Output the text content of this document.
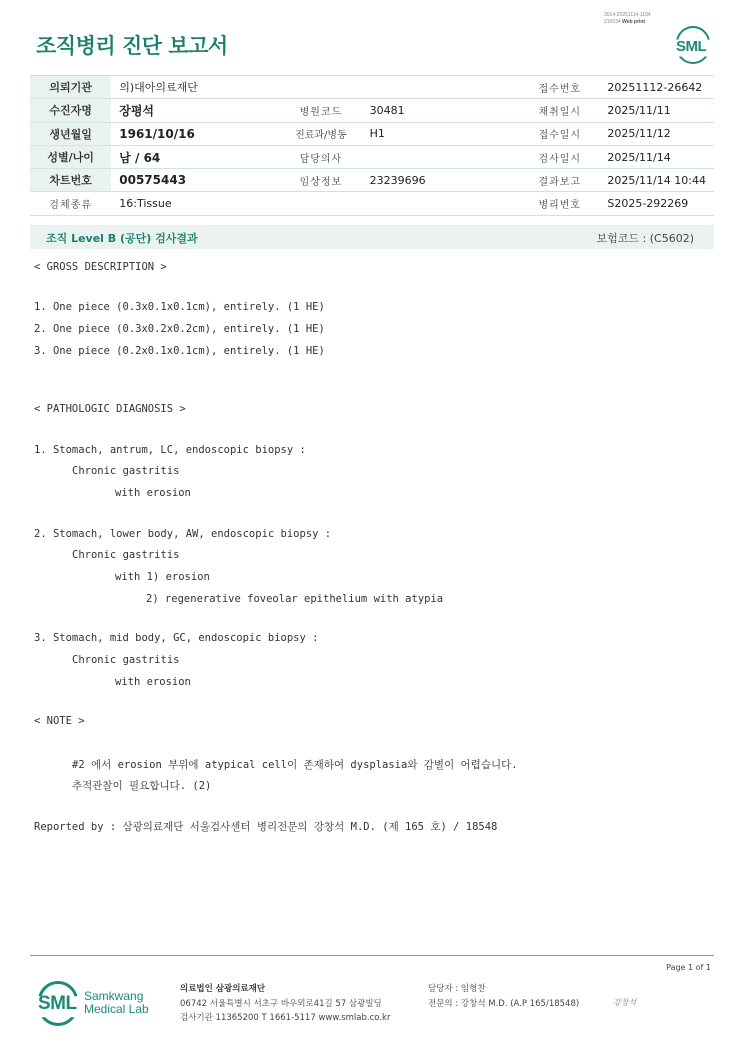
3014-20251114-1104
210034 Web print
SML
조직병리 진단 보고서
의뢰기관	의)대아의료재단			접수번호	20251112-26642
수진자명	장평석	병원코드	30481	채취일시	2025/11/11
생년월일	1961/10/16	진료과/병동	H1	접수일시	2025/11/12
성별/나이	남 / 64	담당의사		검사일시	2025/11/14
차트번호	00575443	임상정보	23239696	결과보고	2025/11/14 10:44
검체종류	16:Tissue			병리번호	S2025-292269
조직 Level B (공단) 검사결과	보험코드 : (C5602)
< GROSS DESCRIPTION >
1. One piece (0.3x0.1x0.1cm), entirely. (1 HE)
2. One piece (0.3x0.2x0.2cm), entirely. (1 HE)
3. One piece (0.2x0.1x0.1cm), entirely. (1 HE)
< PATHOLOGIC DIAGNOSIS >
1. Stomach, antrum, LC, endoscopic biopsy :
Chronic gastritis
with erosion
2. Stomach, lower body, AW, endoscopic biopsy :
Chronic gastritis
with 1) erosion
2) regenerative foveolar epithelium with atypia
3. Stomach, mid body, GC, endoscopic biopsy :
Chronic gastritis
with erosion
< NOTE >
#2 에서 erosion 부위에 atypical cell이 존재하여 dysplasia와 감별이 어렵습니다.
추적관찰이 필요합니다. (2)
Reported by : 삼광의료재단 서울검사센터 병리전문의 강창석 M.D. (제 165 호) / 18548
Page 1 of 1
SML Samkwang
Medical Lab
의료법인 삼광의료재단
06742 서울특별시 서초구 바우뫼로41길 57 삼광빌딩
검사기관 11365200 T 1661-5117 www.smlab.co.kr
담당자 : 임형찬
전문의 : 강창석 M.D. (A.P 165/18548)	강창석
